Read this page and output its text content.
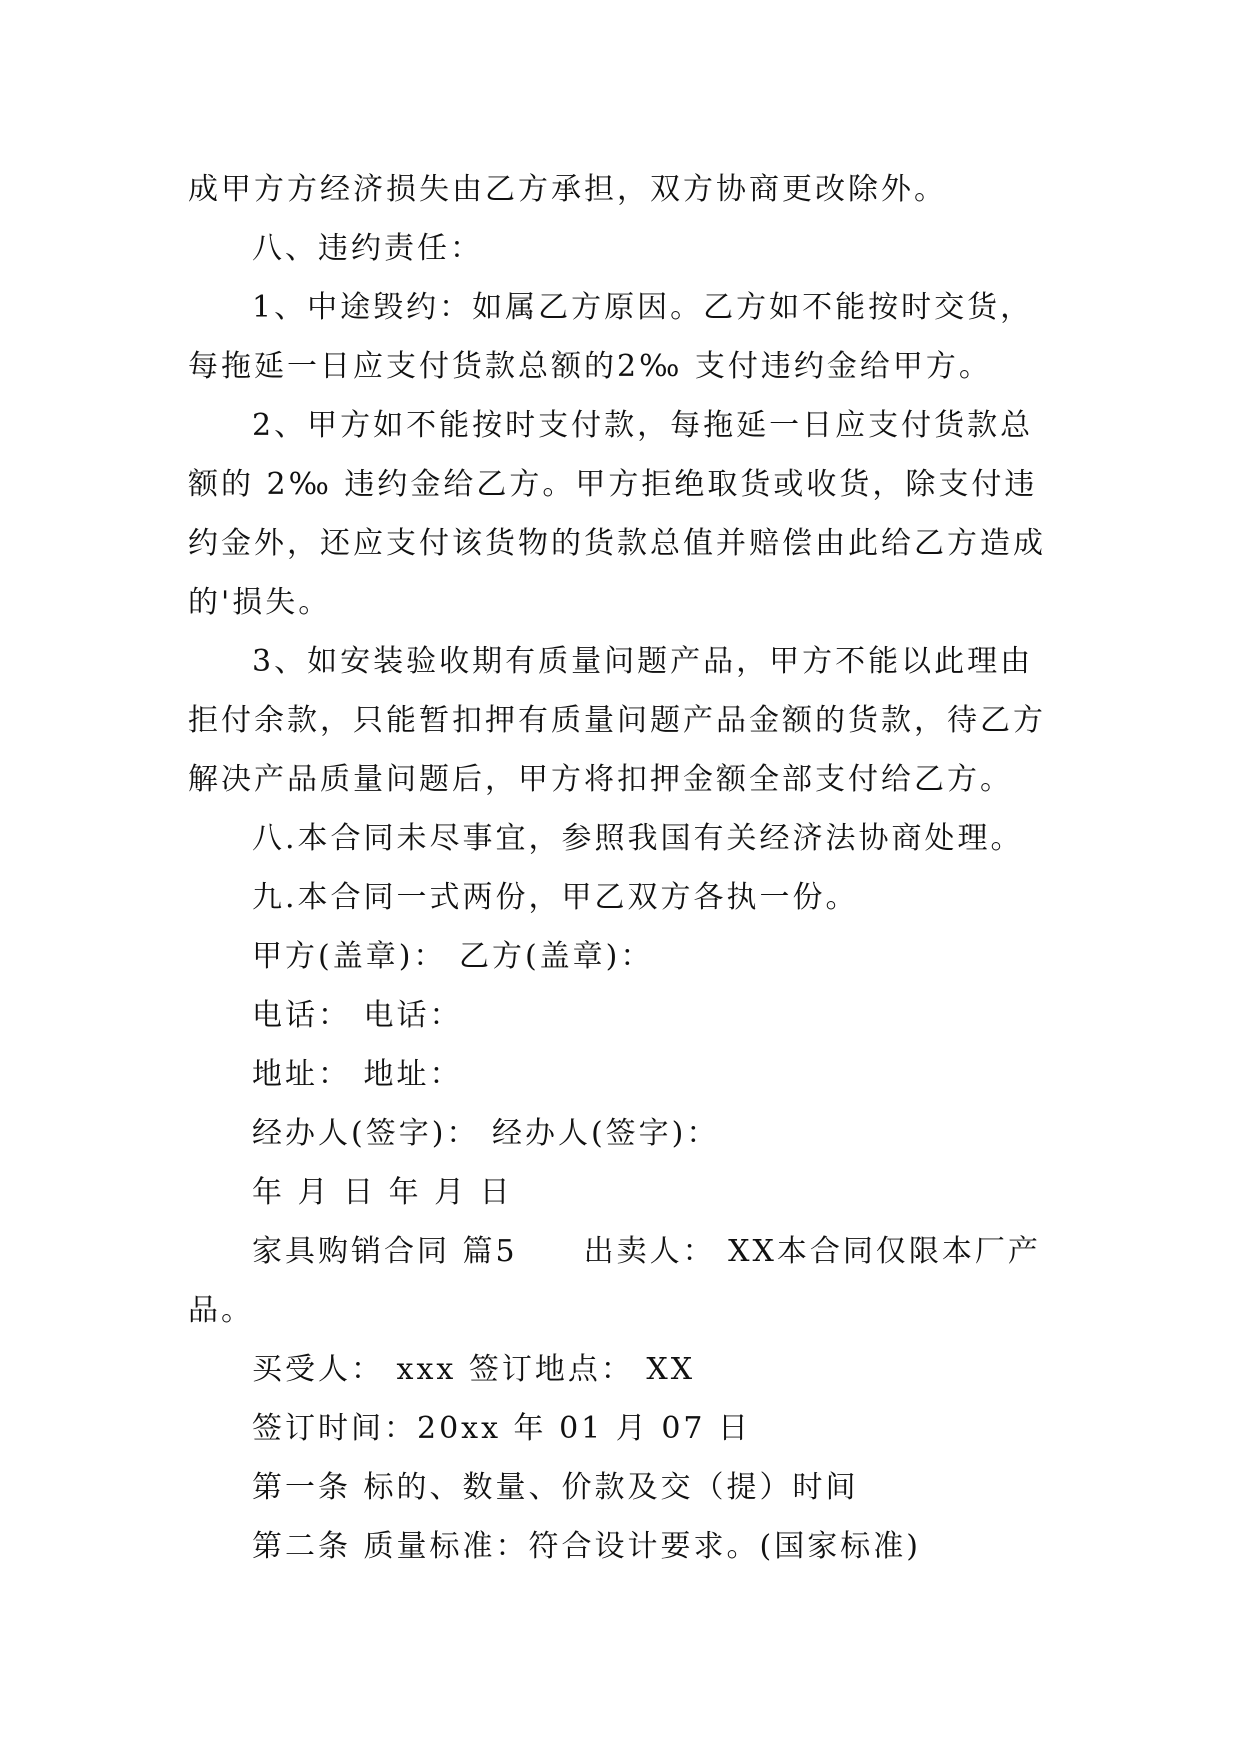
成甲方方经济损失由乙方承担，双方协商更改除外。

八、违约责任：

1、中途毁约：如属乙方原因。乙方如不能按时交货，每拖延一日应支付货款总额的2‰ 支付违约金给甲方。

2、甲方如不能按时支付款，每拖延一日应支付货款总额的 2‰ 违约金给乙方。甲方拒绝取货或收货，除支付违约金外，还应支付该货物的货款总值并赔偿由此给乙方造成的'损失。

3、如安装验收期有质量问题产品，甲方不能以此理由拒付余款，只能暂扣押有质量问题产品金额的货款，待乙方解决产品质量问题后，甲方将扣押金额全部支付给乙方。

八.本合同未尽事宜，参照我国有关经济法协商处理。

九.本合同一式两份，甲乙双方各执一份。

甲方(盖章)： 乙方(盖章)：

电话： 电话：

地址： 地址：

经办人(签字)： 经办人(签字)：

年 月 日 年 月 日

家具购销合同 篇5　　出卖人： XX本合同仅限本厂产品。

买受人： xxx 签订地点： XX

签订时间：20xx 年 01 月 07 日

第一条 标的、数量、价款及交（提）时间

第二条 质量标准：符合设计要求。(国家标准)
